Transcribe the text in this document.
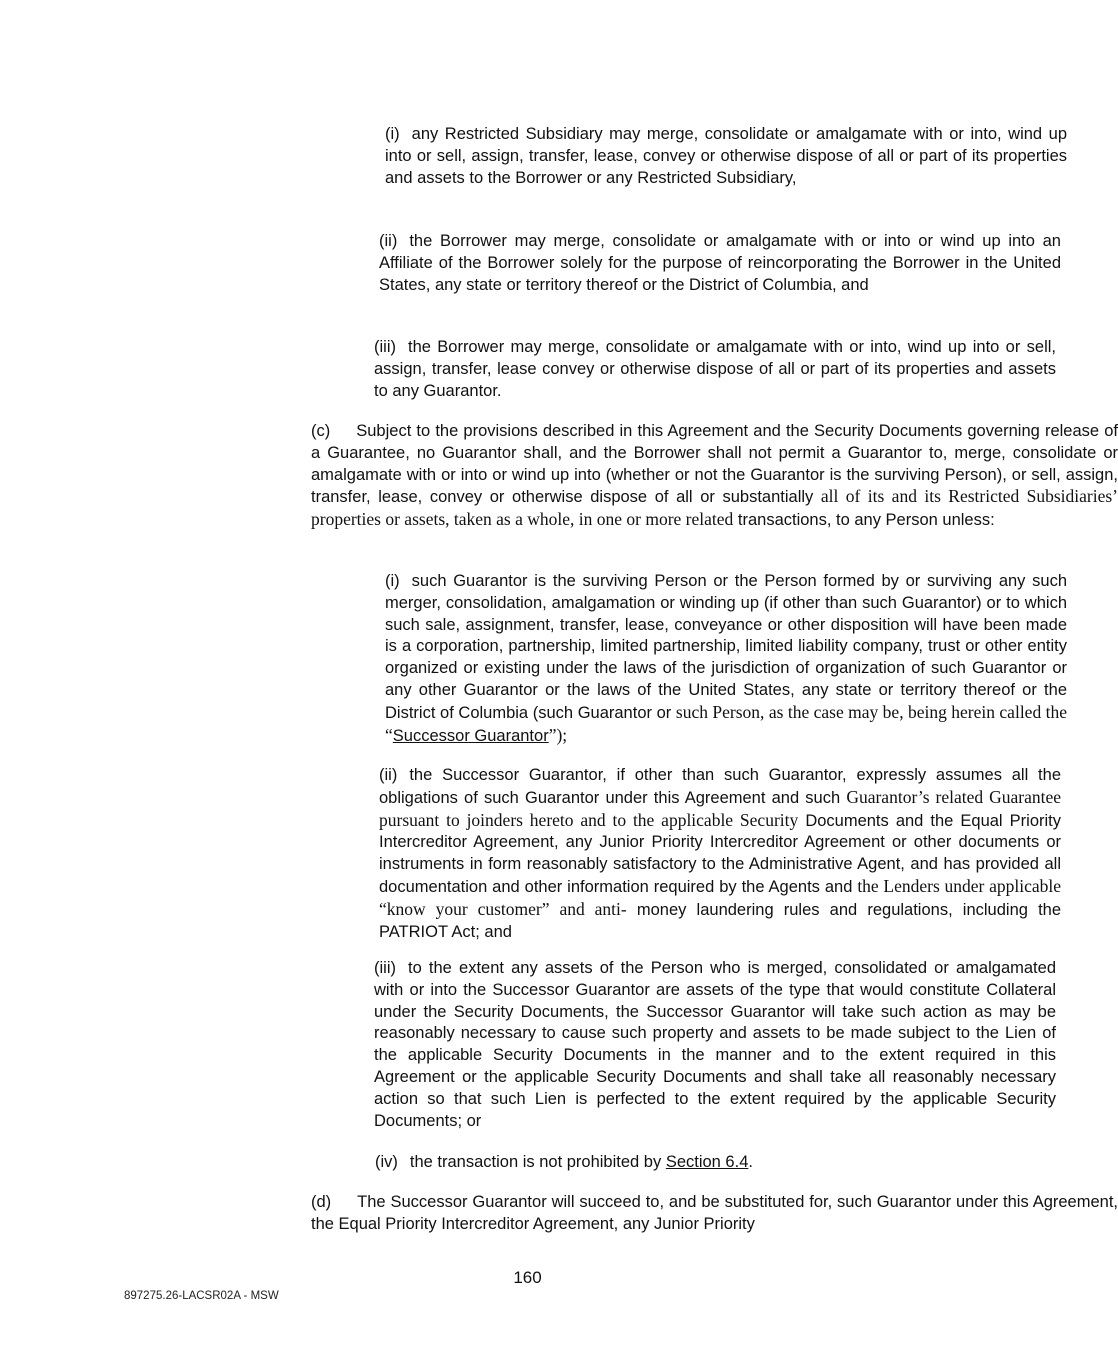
(i) any Restricted Subsidiary may merge, consolidate or amalgamate with or into, wind up into or sell, assign, transfer, lease, convey or otherwise dispose of all or part of its properties and assets to the Borrower or any Restricted Subsidiary,

(ii) the Borrower may merge, consolidate or amalgamate with or into or wind up into an Affiliate of the Borrower solely for the purpose of reincorporating the Borrower in the United States, any state or territory thereof or the District of Columbia, and

(iii) the Borrower may merge, consolidate or amalgamate with or into, wind up into or sell, assign, transfer, lease convey or otherwise dispose of all or part of its properties and assets to any Guarantor.

(c) Subject to the provisions described in this Agreement and the Security Documents governing release of a Guarantee, no Guarantor shall, and the Borrower shall not permit a Guarantor to, merge, consolidate or amalgamate with or into or wind up into (whether or not the Guarantor is the surviving Person), or sell, assign, transfer, lease, convey or otherwise dispose of all or substantially all of its and its Restricted Subsidiaries’ properties or assets, taken as a whole, in one or more related transactions, to any Person unless:

(i) such Guarantor is the surviving Person or the Person formed by or surviving any such merger, consolidation, amalgamation or winding up (if other than such Guarantor) or to which such sale, assignment, transfer, lease, conveyance or other disposition will have been made is a corporation, partnership, limited partnership, limited liability company, trust or other entity organized or existing under the laws of the jurisdiction of organization of such Guarantor or any other Guarantor or the laws of the United States, any state or territory thereof or the District of Columbia (such Guarantor or such Person, as the case may be, being herein called the “Successor Guarantor”);

(ii) the Successor Guarantor, if other than such Guarantor, expressly assumes all the obligations of such Guarantor under this Agreement and such Guarantor’s related Guarantee pursuant to joinders hereto and to the applicable Security Documents and the Equal Priority Intercreditor Agreement, any Junior Priority Intercreditor Agreement or other documents or instruments in form reasonably satisfactory to the Administrative Agent, and has provided all documentation and other information required by the Agents and the Lenders under applicable “know your customer” and anti- money laundering rules and regulations, including the PATRIOT Act; and

(iii) to the extent any assets of the Person who is merged, consolidated or amalgamated with or into the Successor Guarantor are assets of the type that would constitute Collateral under the Security Documents, the Successor Guarantor will take such action as may be reasonably necessary to cause such property and assets to be made subject to the Lien of the applicable Security Documents in the manner and to the extent required in this Agreement or the applicable Security Documents and shall take all reasonably necessary action so that such Lien is perfected to the extent required by the applicable Security Documents; or

(iv) the transaction is not prohibited by Section 6.4.

(d) The Successor Guarantor will succeed to, and be substituted for, such Guarantor under this Agreement, the Equal Priority Intercreditor Agreement, any Junior Priority

160
897275.26-LACSR02A - MSW
